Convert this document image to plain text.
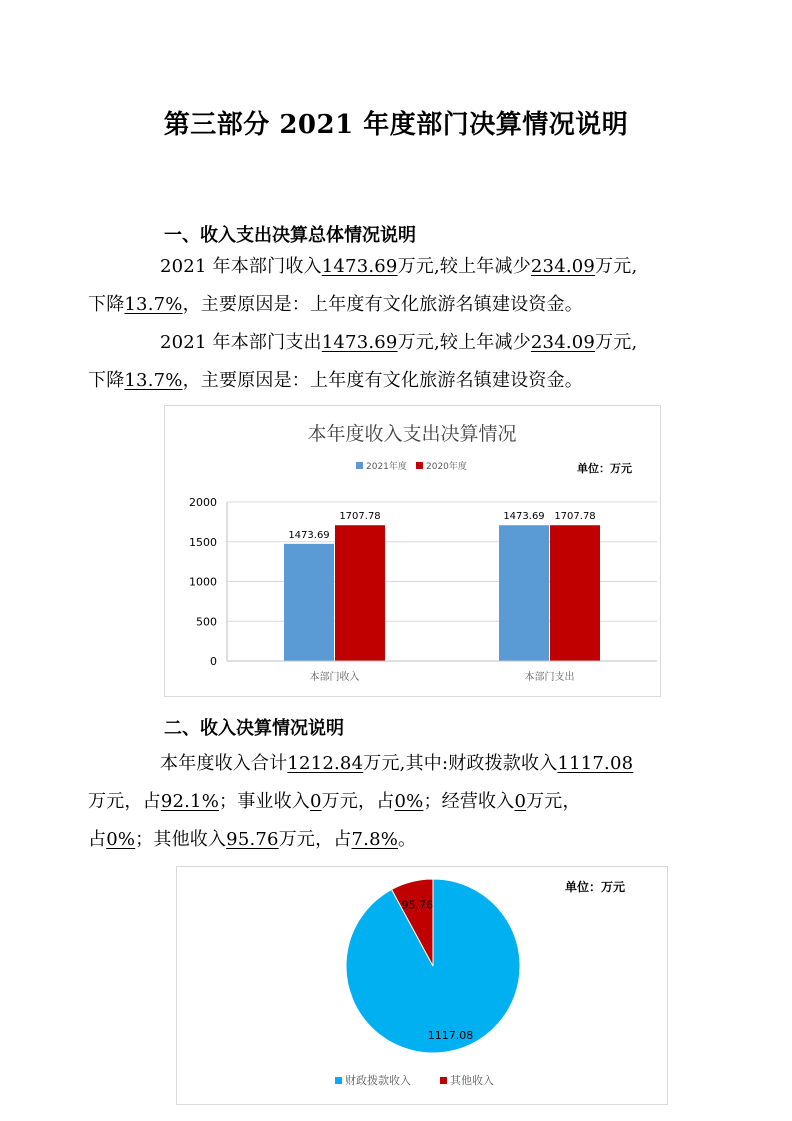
第三部分 2021 年度部门决算情况说明
一、收入支出决算总体情况说明
2021 年本部门收入1473.69万元,较上年减少234.09万元,
下降13.7%，主要原因是：上年度有文化旅游名镇建设资金。
2021 年本部门支出1473.69万元,较上年减少234.09万元,
下降13.7%，主要原因是：上年度有文化旅游名镇建设资金。
本年度收入支出决算情况
2021年度 2020年度	单位：万元
1473.69
1707.78	1473.69 1707.78
0
500
1000
1500
2000
本部门收入	本部门支出
二、收入决算情况说明
本年度收入合计1212.84万元,其中:财政拨款收入1117.08
万元，占92.1%；事业收入0万元，占0%；经营收入0万元，
占0%；其他收入95.76万元，占7.8%。
单位：万元
1117.08
95.76
财政拨款收入	其他收入
